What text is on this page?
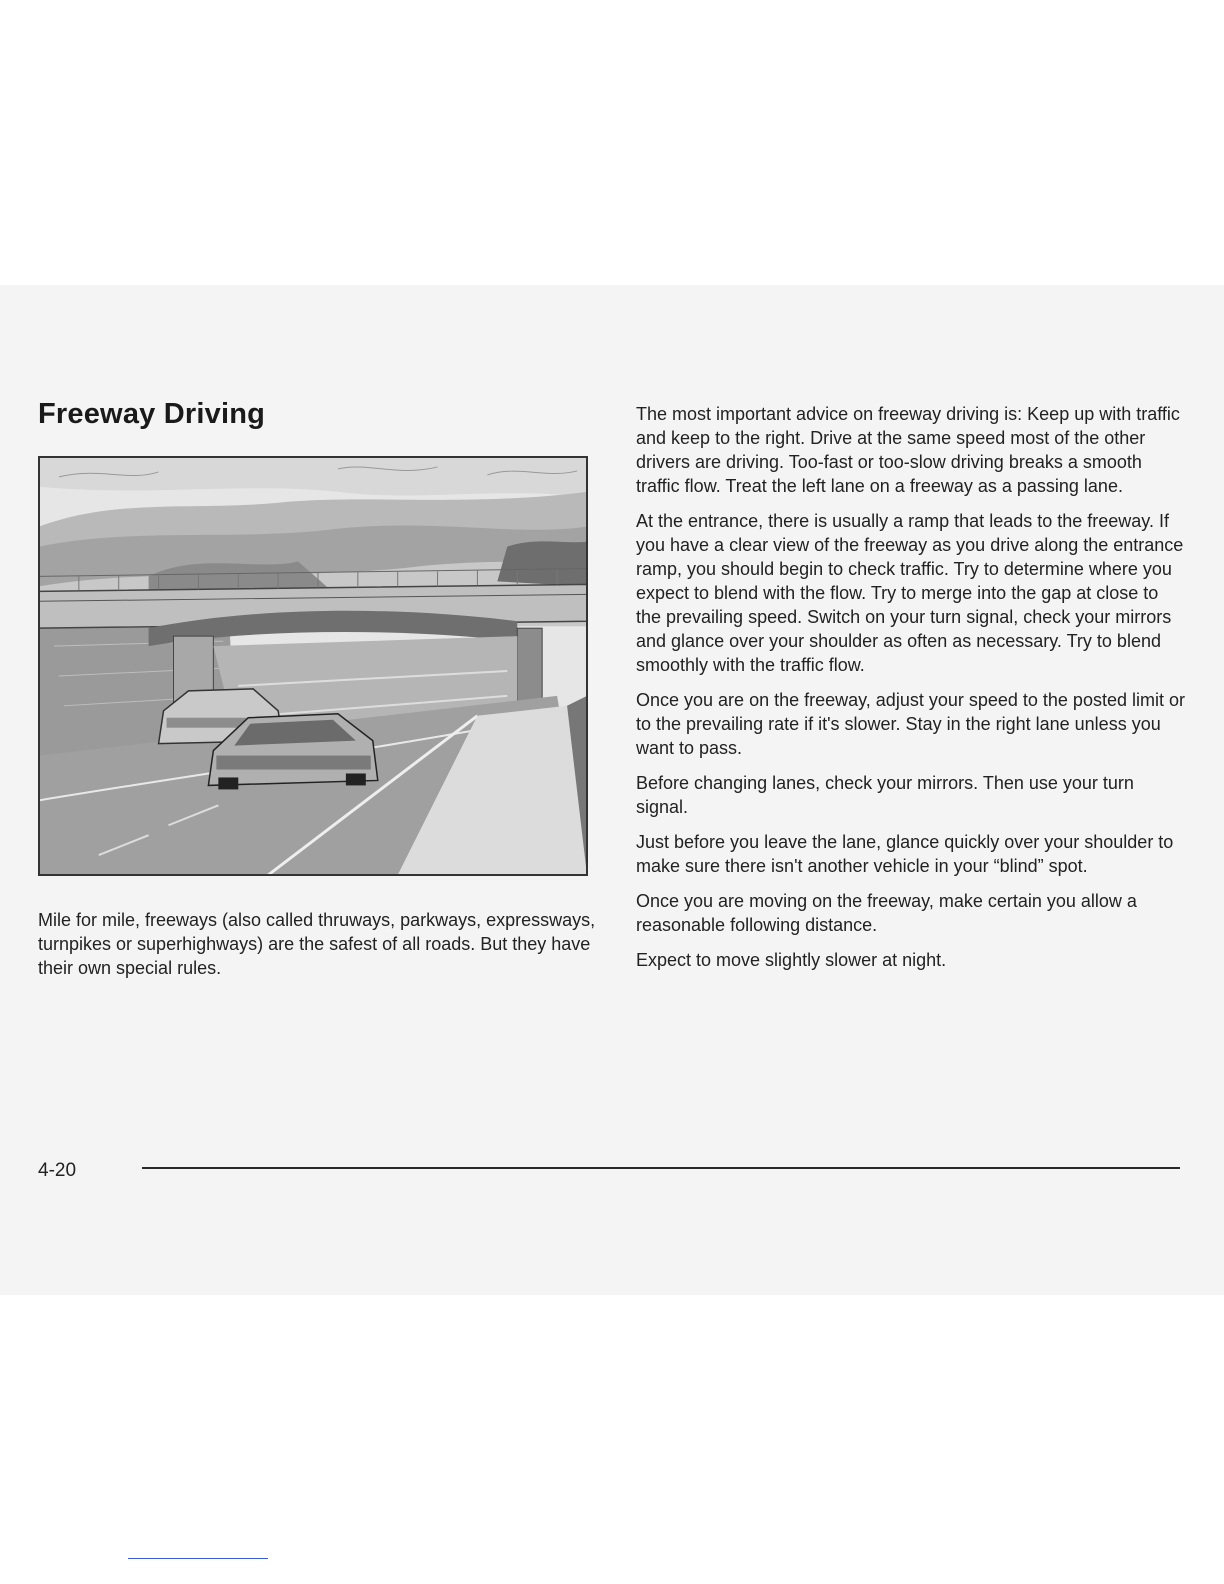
Freeway Driving

Mile for mile, freeways (also called thruways, parkways, expressways, turnpikes or superhighways) are the safest of all roads. But they have their own special rules.

The most important advice on freeway driving is: Keep up with traffic and keep to the right. Drive at the same speed most of the other drivers are driving. Too-fast or too-slow driving breaks a smooth traffic flow. Treat the left lane on a freeway as a passing lane.

At the entrance, there is usually a ramp that leads to the freeway. If you have a clear view of the freeway as you drive along the entrance ramp, you should begin to check traffic. Try to determine where you expect to blend with the flow. Try to merge into the gap at close to the prevailing speed. Switch on your turn signal, check your mirrors and glance over your shoulder as often as necessary. Try to blend smoothly with the traffic flow.

Once you are on the freeway, adjust your speed to the posted limit or to the prevailing rate if it's slower. Stay in the right lane unless you want to pass.

Before changing lanes, check your mirrors. Then use your turn signal.

Just before you leave the lane, glance quickly over your shoulder to make sure there isn't another vehicle in your “blind” spot.

Once you are moving on the freeway, make certain you allow a reasonable following distance.

Expect to move slightly slower at night.

4-20
